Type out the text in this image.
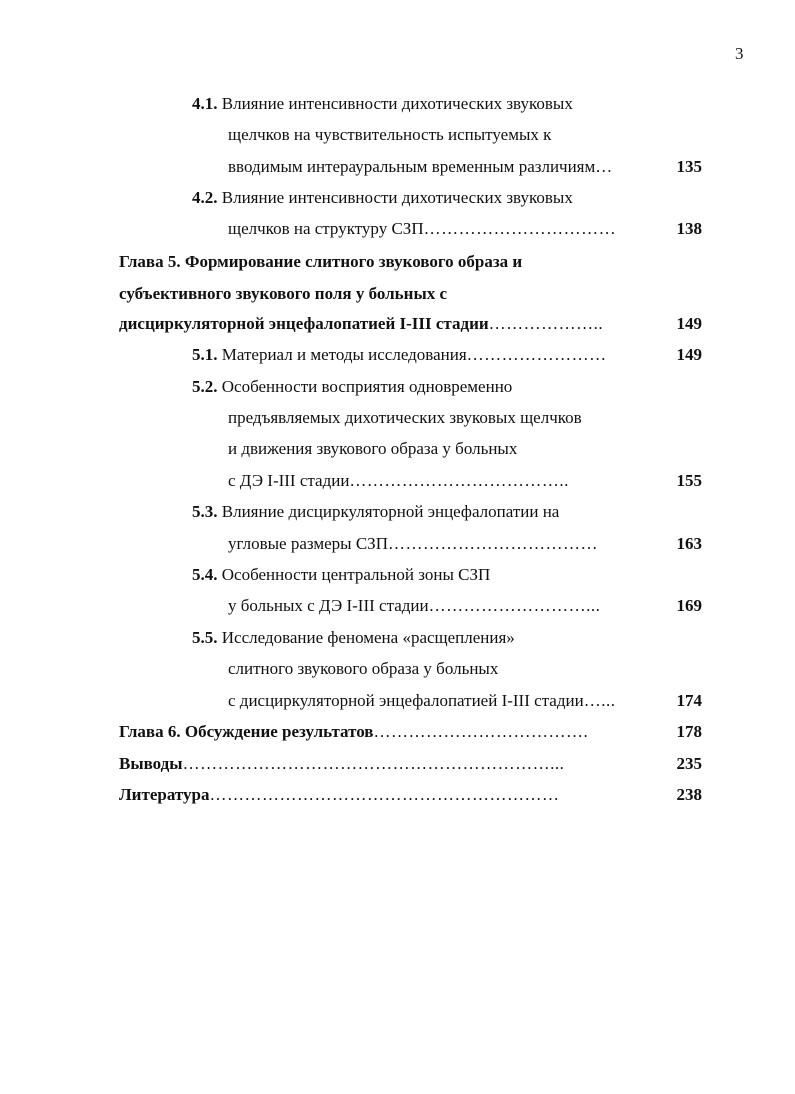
3
4.1. Влияние интенсивности дихотических звуковых
щелчков на чувствительность испытуемых к
вводимым интерауральным временным различиям…	135
4.2. Влияние интенсивности дихотических звуковых
щелчков на структуру СЗП……………………………	138
Глава 5. Формирование слитного звукового образа и
субъективного звукового поля у больных с
дисциркуляторной энцефалопатией I-III стадии………………..	149
5.1. Материал и методы исследования……………………	149
5.2. Особенности восприятия одновременно
предъявляемых дихотических звуковых щелчков
и движения звукового образа у больных
с ДЭ I-III стадии………………………………..	155
5.3. Влияние дисциркуляторной энцефалопатии на
угловые размеры СЗП………………………………	163
5.4. Особенности центральной зоны СЗП
у больных с ДЭ I-III стадии………………………...	169
5.5. Исследование феномена «расщепления»
слитного звукового образа у больных
с дисциркуляторной энцефалопатией I-III стадии…...	174
Глава 6. Обсуждение результатов……………………………….	178
Выводы………………………………………………………...	235
Литература……………………………………………………	238
